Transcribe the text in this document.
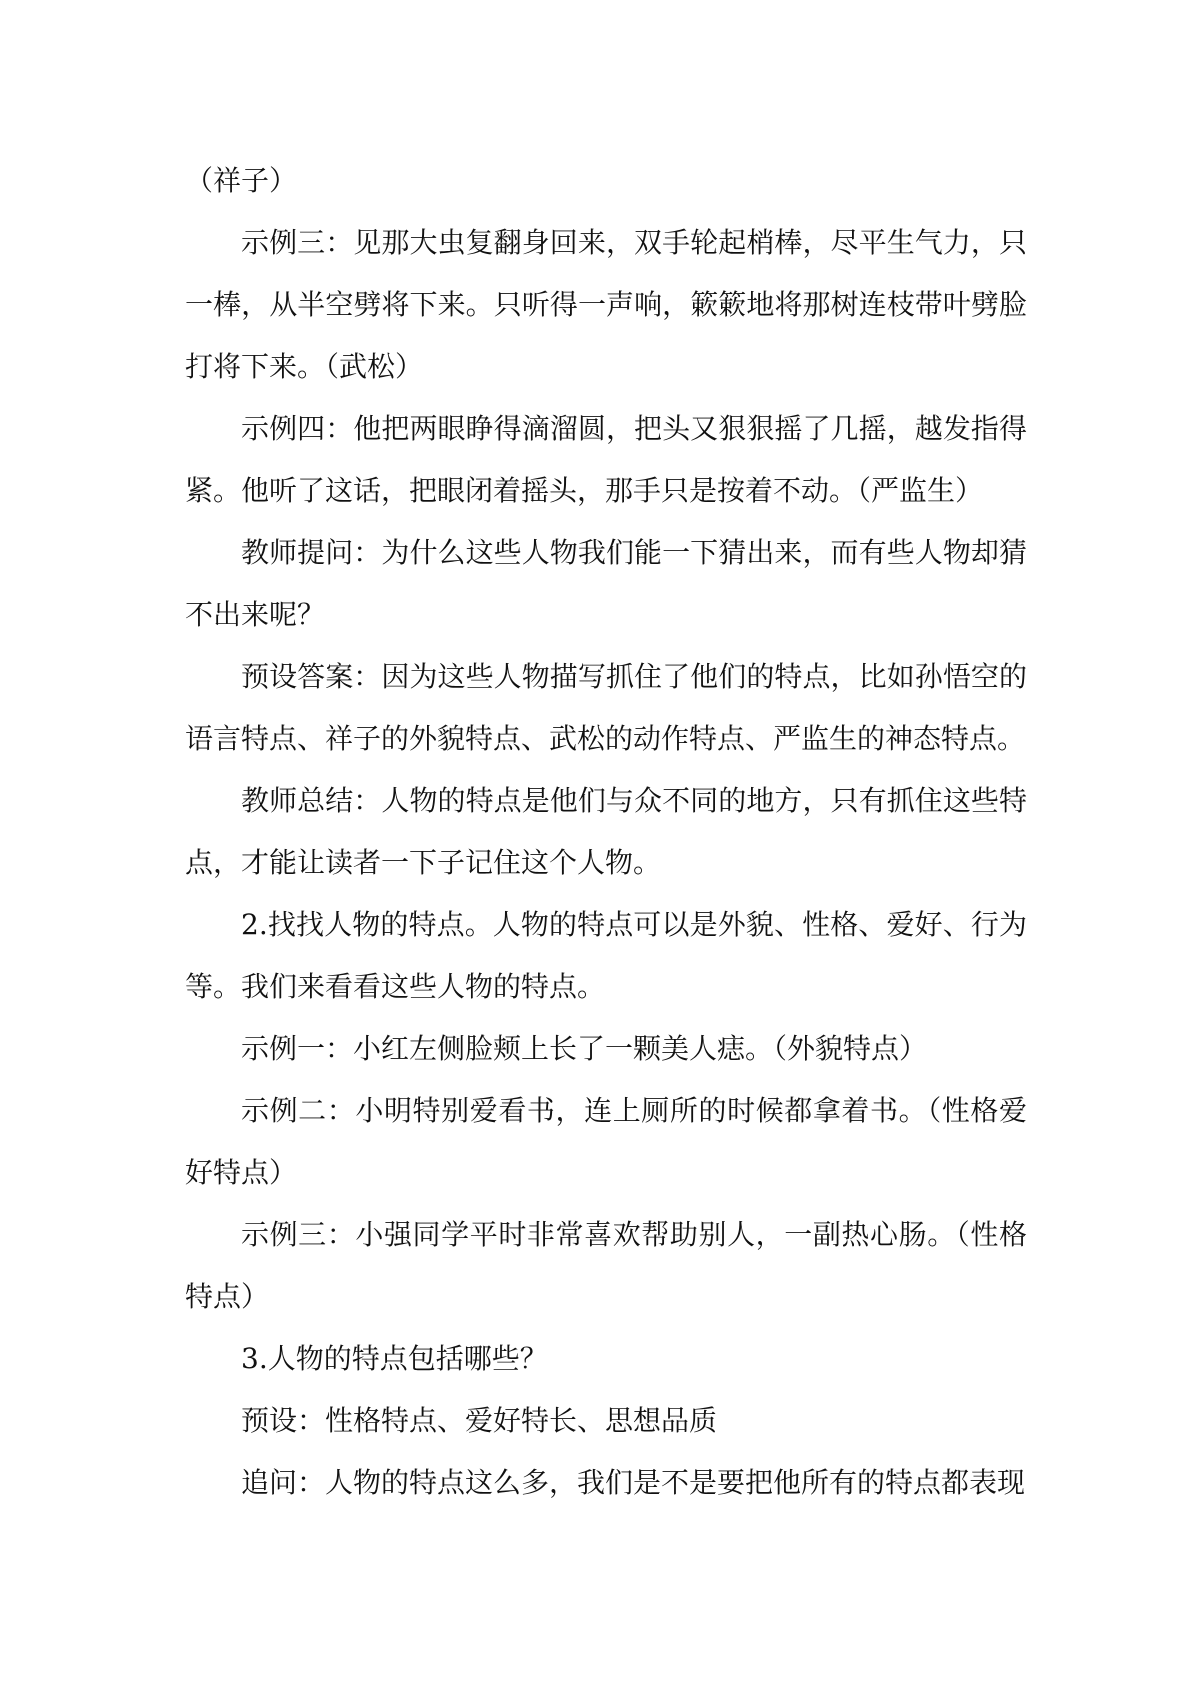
（祥子）

示例三：见那大虫复翻身回来，双手轮起梢棒，尽平生气力，只一棒，从半空劈将下来。只听得一声响，簌簌地将那树连枝带叶劈脸打将下来。（武松）

示例四：他把两眼睁得滴溜圆，把头又狠狠摇了几摇，越发指得紧。他听了这话，把眼闭着摇头，那手只是按着不动。（严监生）

教师提问：为什么这些人物我们能一下猜出来，而有些人物却猜不出来呢？

预设答案：因为这些人物描写抓住了他们的特点，比如孙悟空的语言特点、祥子的外貌特点、武松的动作特点、严监生的神态特点。

教师总结：人物的特点是他们与众不同的地方，只有抓住这些特点，才能让读者一下子记住这个人物。

2.找找人物的特点。人物的特点可以是外貌、性格、爱好、行为等。我们来看看这些人物的特点。

示例一：小红左侧脸颊上长了一颗美人痣。（外貌特点）

示例二：小明特别爱看书，连上厕所的时候都拿着书。（性格爱好特点）

示例三：小强同学平时非常喜欢帮助别人，一副热心肠。（性格特点）

3.人物的特点包括哪些？

预设：性格特点、爱好特长、思想品质

追问：人物的特点这么多，我们是不是要把他所有的特点都表现
